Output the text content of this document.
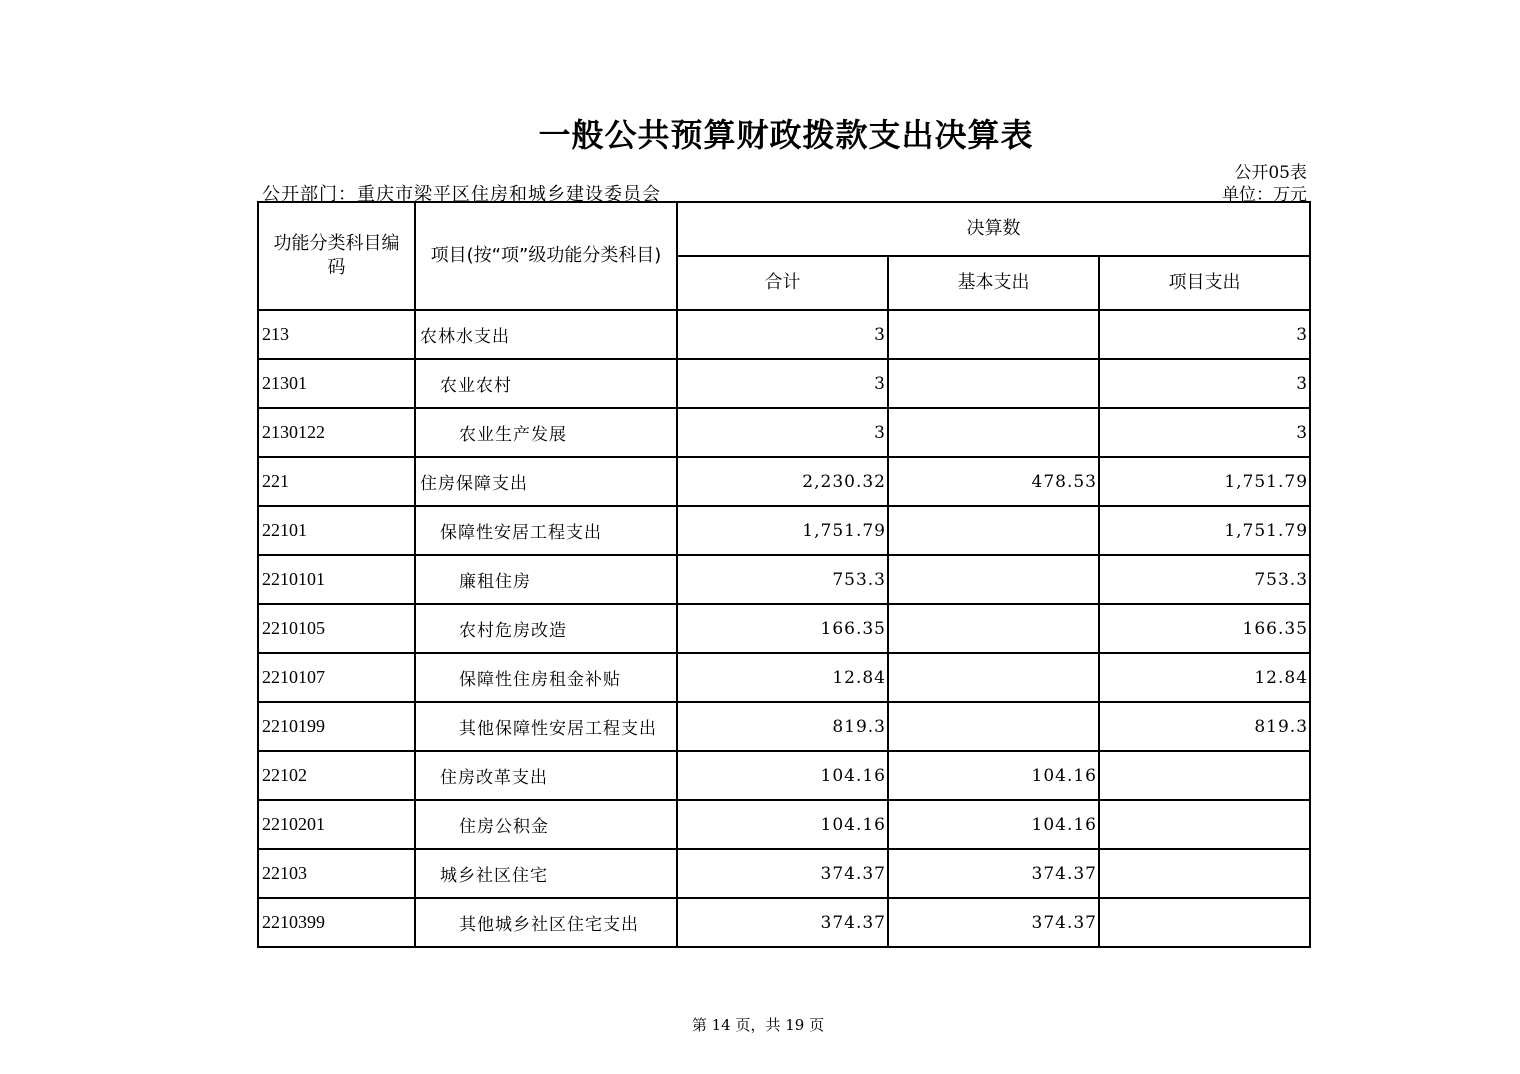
一般公共预算财政拨款支出决算表
公开05表
公开部门：重庆市梁平区住房和城乡建设委员会	单位：万元
功能分类科目编码	项目(按“项”级功能分类科目)	决算数		
		合计	基本支出	项目支出
213	农林水支出	3		3
21301	农业农村	3		3
2130122	农业生产发展	3		3
221	住房保障支出	2,230.32	478.53	1,751.79
22101	保障性安居工程支出	1,751.79		1,751.79
2210101	廉租住房	753.3		753.3
2210105	农村危房改造	166.35		166.35
2210107	保障性住房租金补贴	12.84		12.84
2210199	其他保障性安居工程支出	819.3		819.3
22102	住房改革支出	104.16	104.16	
2210201	住房公积金	104.16	104.16	
22103	城乡社区住宅	374.37	374.37	
2210399	其他城乡社区住宅支出	374.37	374.37	
第 14 页，共 19 页
